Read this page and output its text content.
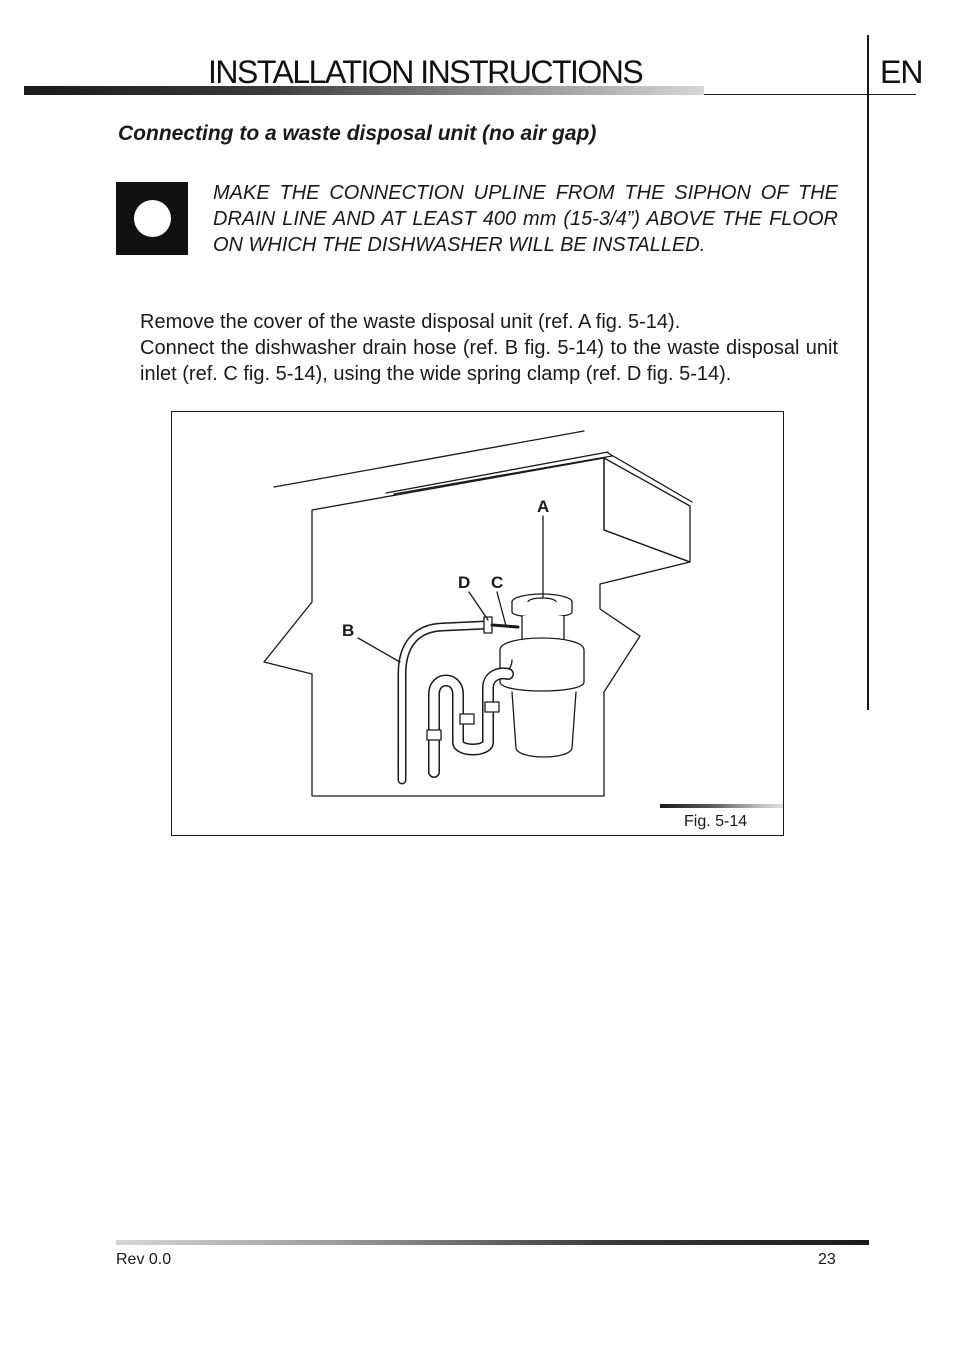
INSTALLATION INSTRUCTIONS	EN
Connecting to a waste disposal unit (no air gap)

MAKE THE CONNECTION UPLINE FROM THE SIPHON OF THE DRAIN LINE AND AT LEAST 400 mm (15-3/4”) ABOVE THE FLOOR ON WHICH THE DISHWASHER WILL BE INSTALLED.

Remove the cover of the waste disposal unit (ref. A fig. 5-14).

Connect the dishwasher drain hose (ref. B fig. 5-14) to the waste disposal unit inlet (ref. C fig. 5-14), using the wide spring clamp (ref. D fig. 5-14).

A
B
C
D
Fig. 5-14
Rev 0.0	23
